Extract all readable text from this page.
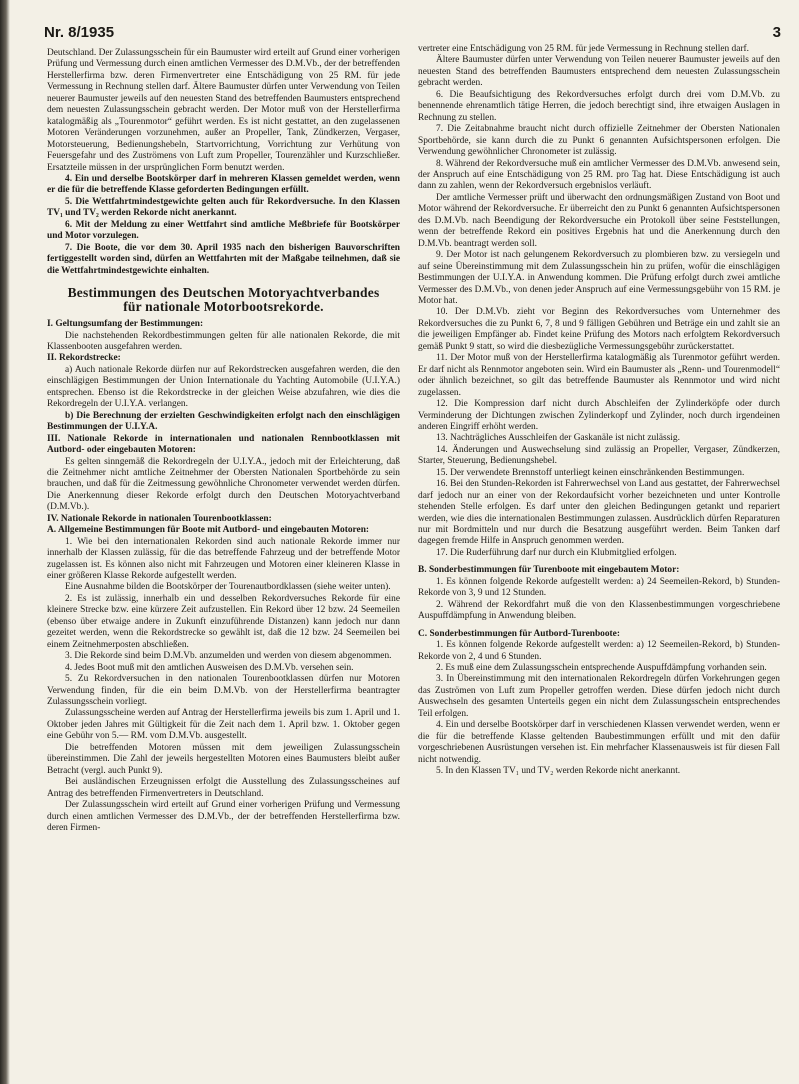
Nr. 8/1935	3

Deutschland. Der Zulassungsschein für ein Baumuster wird erteilt auf Grund einer vorherigen Prüfung und Vermessung durch einen amtlichen Vermesser des D.M.Vb., der der betreffenden Herstellerfirma bzw. deren Firmenvertreter eine Entschädigung von 25 RM. für jede Vermessung in Rechnung stellen darf. Ältere Baumuster dürfen unter Verwendung von Teilen neuerer Baumuster jeweils auf den neuesten Stand des betreffenden Baumusters entsprechend dem neuesten Zulassungsschein gebracht werden. Der Motor muß von der Herstellerfirma katalogmäßig als „Tourenmotor“ geführt werden. Es ist nicht gestattet, an den zugelassenen Motoren Veränderungen vorzunehmen, außer an Propeller, Tank, Zündkerzen, Vergaser, Motorsteuerung, Bedienungshebeln, Startvorrichtung, Vorrichtung zur Verhütung von Feuersgefahr und des Zuströmens von Luft zum Propeller, Tourenzähler und Kurzschließer. Ersatzteile müssen in der ursprünglichen Form benutzt werden.

4. Ein und derselbe Bootskörper darf in mehreren Klassen gemeldet werden, wenn er die für die betreffende Klasse geforderten Bedingungen erfüllt.

5. Die Wettfahrtmindestgewichte gelten auch für Rekordversuche. In den Klassen TV₁ und TV₂ werden Rekorde nicht anerkannt.

6. Mit der Meldung zu einer Wettfahrt sind amtliche Meßbriefe für Bootskörper und Motor vorzulegen.

7. Die Boote, die vor dem 30. April 1935 nach den bisherigen Bauvorschriften fertiggestellt worden sind, dürfen an Wettfahrten mit der Maßgabe teilnehmen, daß sie die Wettfahrtmindestgewichte einhalten.

Bestimmungen des Deutschen Motoryachtverbandes
für nationale Motorbootsrekorde.

I. Geltungsumfang der Bestimmungen:

Die nachstehenden Rekordbestimmungen gelten für alle nationalen Rekorde, die mit Klassenbooten ausgefahren werden.

II. Rekordstrecke:

a) Auch nationale Rekorde dürfen nur auf Rekordstrecken ausgefahren werden, die den einschlägigen Bestimmungen der Union Internationale du Yachting Automobile (U.I.Y.A.) entsprechen. Ebenso ist die Rekordstrecke in der gleichen Weise abzufahren, wie dies die Rekordregeln der U.I.Y.A. verlangen.

b) Die Berechnung der erzielten Geschwindigkeiten erfolgt nach den einschlägigen Bestimmungen der U.I.Y.A.

III. Nationale Rekorde in internationalen und nationalen Rennbootklassen mit Autbord- oder eingebauten Motoren:

Es gelten sinngemäß die Rekordregeln der U.I.Y.A., jedoch mit der Erleichterung, daß die Zeitnehmer nicht amtliche Zeitnehmer der Obersten Nationalen Sportbehörde zu sein brauchen, und daß für die Zeitmessung gewöhnliche Chronometer verwendet werden dürfen. Die Anerkennung dieser Rekorde erfolgt durch den Deutschen Motoryachtverband (D.M.Vb.).

IV. Nationale Rekorde in nationalen Tourenbootklassen:

A. Allgemeine Bestimmungen für Boote mit Autbord- und eingebauten Motoren:

1. Wie bei den internationalen Rekorden sind auch nationale Rekorde immer nur innerhalb der Klassen zulässig, für die das betreffende Fahrzeug und der betreffende Motor zugelassen ist. Es können also nicht mit Fahrzeugen und Motoren einer kleineren Klasse in einer größeren Klasse Rekorde aufgestellt werden.

Eine Ausnahme bilden die Bootskörper der Tourenautbordklassen (siehe weiter unten).

2. Es ist zulässig, innerhalb ein und desselben Rekordversuches Rekorde für eine kleinere Strecke bzw. eine kürzere Zeit aufzustellen. Ein Rekord über 12 bzw. 24 Seemeilen (ebenso über etwaige andere in Zukunft einzuführende Distanzen) kann jedoch nur dann gezeitet werden, wenn die Rekordstrecke so gewählt ist, daß die 12 bzw. 24 Seemeilen bei einem Zeitnehmerposten abschließen.

3. Die Rekorde sind beim D.M.Vb. anzumelden und werden von diesem abgenommen.

4. Jedes Boot muß mit den amtlichen Ausweisen des D.M.Vb. versehen sein.

5. Zu Rekordversuchen in den nationalen Tourenbootklassen dürfen nur Motoren Verwendung finden, für die ein beim D.M.Vb. von der Herstellerfirma beantragter Zulassungsschein vorliegt.

Zulassungsscheine werden auf Antrag der Herstellerfirma jeweils bis zum 1. April und 1. Oktober jeden Jahres mit Gültigkeit für die Zeit nach dem 1. April bzw. 1. Oktober gegen eine Gebühr von 5.— RM. vom D.M.Vb. ausgestellt.

Die betreffenden Motoren müssen mit dem jeweiligen Zulassungsschein übereinstimmen. Die Zahl der jeweils hergestellten Motoren eines Baumusters bleibt außer Betracht (vergl. auch Punkt 9).

Bei ausländischen Erzeugnissen erfolgt die Ausstellung des Zulassungsscheines auf Antrag des betreffenden Firmenvertreters in Deutschland.

Der Zulassungsschein wird erteilt auf Grund einer vorherigen Prüfung und Vermessung durch einen amtlichen Vermesser des D.M.Vb., der der betreffenden Herstellerfirma bzw. deren Firmen-

vertreter eine Entschädigung von 25 RM. für jede Vermessung in Rechnung stellen darf.

Ältere Baumuster dürfen unter Verwendung von Teilen neuerer Baumuster jeweils auf den neuesten Stand des betreffenden Baumusters entsprechend dem neuesten Zulassungsschein gebracht werden.

6. Die Beaufsichtigung des Rekordversuches erfolgt durch drei vom D.M.Vb. zu benennende ehrenamtlich tätige Herren, die jedoch berechtigt sind, ihre etwaigen Auslagen in Rechnung zu stellen.

7. Die Zeitabnahme braucht nicht durch offizielle Zeitnehmer der Obersten Nationalen Sportbehörde, sie kann durch die zu Punkt 6 genannten Aufsichtspersonen erfolgen. Die Verwendung gewöhnlicher Chronometer ist zulässig.

8. Während der Rekordversuche muß ein amtlicher Vermesser des D.M.Vb. anwesend sein, der Anspruch auf eine Entschädigung von 25 RM. pro Tag hat. Diese Entschädigung ist auch dann zu zahlen, wenn der Rekordversuch ergebnislos verläuft.

Der amtliche Vermesser prüft und überwacht den ordnungsmäßigen Zustand von Boot und Motor während der Rekordversuche. Er überreicht den zu Punkt 6 genannten Aufsichtspersonen des D.M.Vb. nach Beendigung der Rekordversuche ein Protokoll über seine Feststellungen, wenn der betreffende Rekord ein positives Ergebnis hat und die Anerkennung durch den D.M.Vb. beantragt werden soll.

9. Der Motor ist nach gelungenem Rekordversuch zu plombieren bzw. zu versiegeln und auf seine Übereinstimmung mit dem Zulassungsschein hin zu prüfen, wofür die einschlägigen Bestimmungen der U.I.Y.A. in Anwendung kommen. Die Prüfung erfolgt durch zwei amtliche Vermesser des D.M.Vb., von denen jeder Anspruch auf eine Vermessungsgebühr von 15 RM. je Motor hat.

10. Der D.M.Vb. zieht vor Beginn des Rekordversuches vom Unternehmer des Rekordversuches die zu Punkt 6, 7, 8 und 9 fälligen Gebühren und Beträge ein und zahlt sie an die jeweiligen Empfänger ab. Findet keine Prüfung des Motors nach erfolgtem Rekordversuch gemäß Punkt 9 statt, so wird die diesbezügliche Vermessungsgebühr zurückerstattet.

11. Der Motor muß von der Herstellerfirma katalogmäßig als Turenmotor geführt werden. Er darf nicht als Rennmotor angeboten sein. Wird ein Baumuster als „Renn- und Tourenmodell“ oder ähnlich bezeichnet, so gilt das betreffende Baumuster als Rennmotor und wird nicht zugelassen.

12. Die Kompression darf nicht durch Abschleifen der Zylinderköpfe oder durch Verminderung der Dichtungen zwischen Zylinderkopf und Zylinder, noch durch irgendeinen anderen Eingriff erhöht werden.

13. Nachträgliches Ausschleifen der Gaskanäle ist nicht zulässig.

14. Änderungen und Auswechselung sind zulässig an Propeller, Vergaser, Zündkerzen, Starter, Steuerung, Bedienungshebel.

15. Der verwendete Brennstoff unterliegt keinen einschränkenden Bestimmungen.

16. Bei den Stunden-Rekorden ist Fahrerwechsel von Land aus gestattet, der Fahrerwechsel darf jedoch nur an einer von der Rekordaufsicht vorher bezeichneten und unter Kontrolle stehenden Stelle erfolgen. Es darf unter den gleichen Bedingungen getankt und repariert werden, wie dies die internationalen Bestimmungen zulassen. Ausdrücklich dürfen Reparaturen nur mit Bordmitteln und nur durch die Besatzung ausgeführt werden. Beim Tanken darf dagegen fremde Hilfe in Anspruch genommen werden.

17. Die Ruderführung darf nur durch ein Klubmitglied erfolgen.

B. Sonderbestimmungen für Turenboote mit eingebautem Motor:

1. Es können folgende Rekorde aufgestellt werden: a) 24 Seemeilen-Rekord, b) Stunden-Rekorde von 3, 9 und 12 Stunden.

2. Während der Rekordfahrt muß die von den Klassenbestimmungen vorgeschriebene Auspuffdämpfung in Anwendung bleiben.

C. Sonderbestimmungen für Autbord-Turenboote:

1. Es können folgende Rekorde aufgestellt werden: a) 12 Seemeilen-Rekord, b) Stunden-Rekorde von 2, 4 und 6 Stunden.

2. Es muß eine dem Zulassungsschein entsprechende Auspuffdämpfung vorhanden sein.

3. In Übereinstimmung mit den internationalen Rekordregeln dürfen Vorkehrungen gegen das Zuströmen von Luft zum Propeller getroffen werden. Diese dürfen jedoch nicht durch Auswechseln des gesamten Unterteils gegen ein nicht dem Zulassungsschein entsprechendes Teil erfolgen.

4. Ein und derselbe Bootskörper darf in verschiedenen Klassen verwendet werden, wenn er die für die betreffende Klasse geltenden Baubestimmungen erfüllt und mit den dafür vorgeschriebenen Ausrüstungen versehen ist. Ein mehrfacher Klassenausweis ist für diesen Fall nicht notwendig.

5. In den Klassen TV₁ und TV₂ werden Rekorde nicht anerkannt.
